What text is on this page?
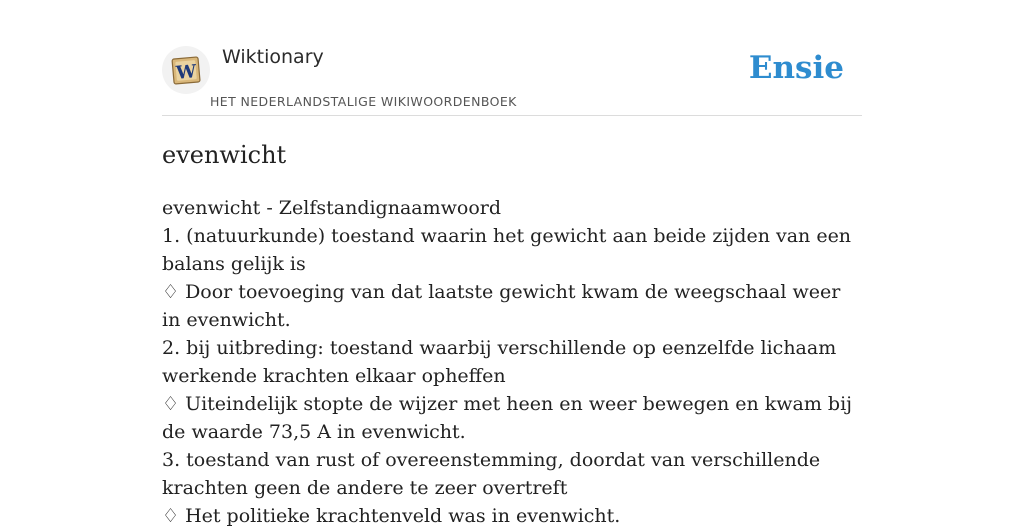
W
Wiktionary
HET NEDERLANDSTALIGE WIKIWOORDENBOEK
Ensie
evenwicht

evenwicht - Zelfstandignaamwoord

1. (natuurkunde) toestand waarin het gewicht aan beide zijden van een balans gelijk is

♢ Door toevoeging van dat laatste gewicht kwam de weegschaal weer in evenwicht.

2. bij uitbreding: toestand waarbij verschillende op eenzelfde lichaam werkende krachten elkaar opheffen

♢ Uiteindelijk stopte de wijzer met heen en weer bewegen en kwam bij de waarde 73,5 A in evenwicht.

3. toestand van rust of overeenstemming, doordat van verschillende krachten geen de andere te zeer overtreft

♢ Het politieke krachtenveld was in evenwicht.
